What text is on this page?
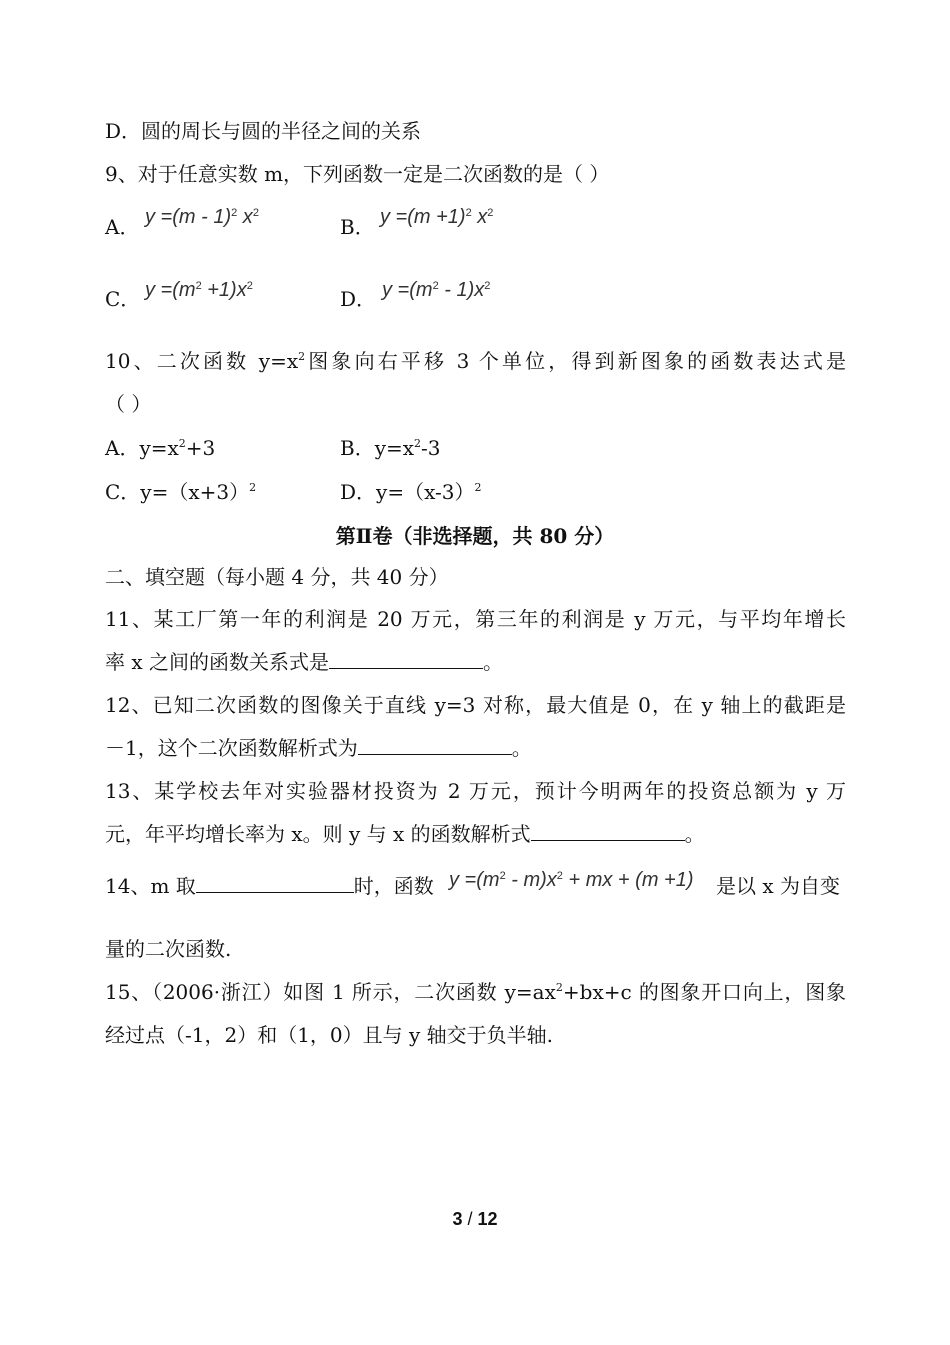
D．圆的周长与圆的半径之间的关系
9、对于任意实数 m，下列函数一定是二次函数的是（ ）
A． y =(m - 1)$^2$ $x^2$
B． $y =(m +1)^2$ $x^2$
C． $y =(m^2 +1)x^2$
D． $y =(m^2 - 1)x^2$
10、二次函数 $y=x^2$图象向右平移 3 个单位，得到新图象的函数表达式是
（ ）
A．$y=x^2+3$	B．$y=x^2-3$
C．$y=(x+3)^2$	D．$y=(x-3)^2$
第Ⅱ卷（非选择题，共 80 分）
二、填空题（每小题 4 分，共 40 分）
11、某工厂第一年的利润是 20 万元，第三年的利润是 y 万元，与平均年增长
率 x 之间的函数关系式是	。
12、已知二次函数的图像关于直线 y=3 对称，最大值是 0，在 y 轴上的截距是
－1，这个二次函数解析式为	。
13、某学校去年对实验器材投资为 2 万元，预计今明两年的投资总额为 y 万
元，年平均增长率为 x。则 y 与 x 的函数解析式	。
14、m 取	时，函数 $y =(m^2 - m)x^2$ + mx + (m +1) 是以 x 为自变
量的二次函数.
15、（2006·浙江）如图 1 所示，二次函数 $y=ax^2+bx+c$ 的图象开口向上，图象
经过点（-1，2）和（1，0）且与 y 轴交于负半轴.
3 / 12
